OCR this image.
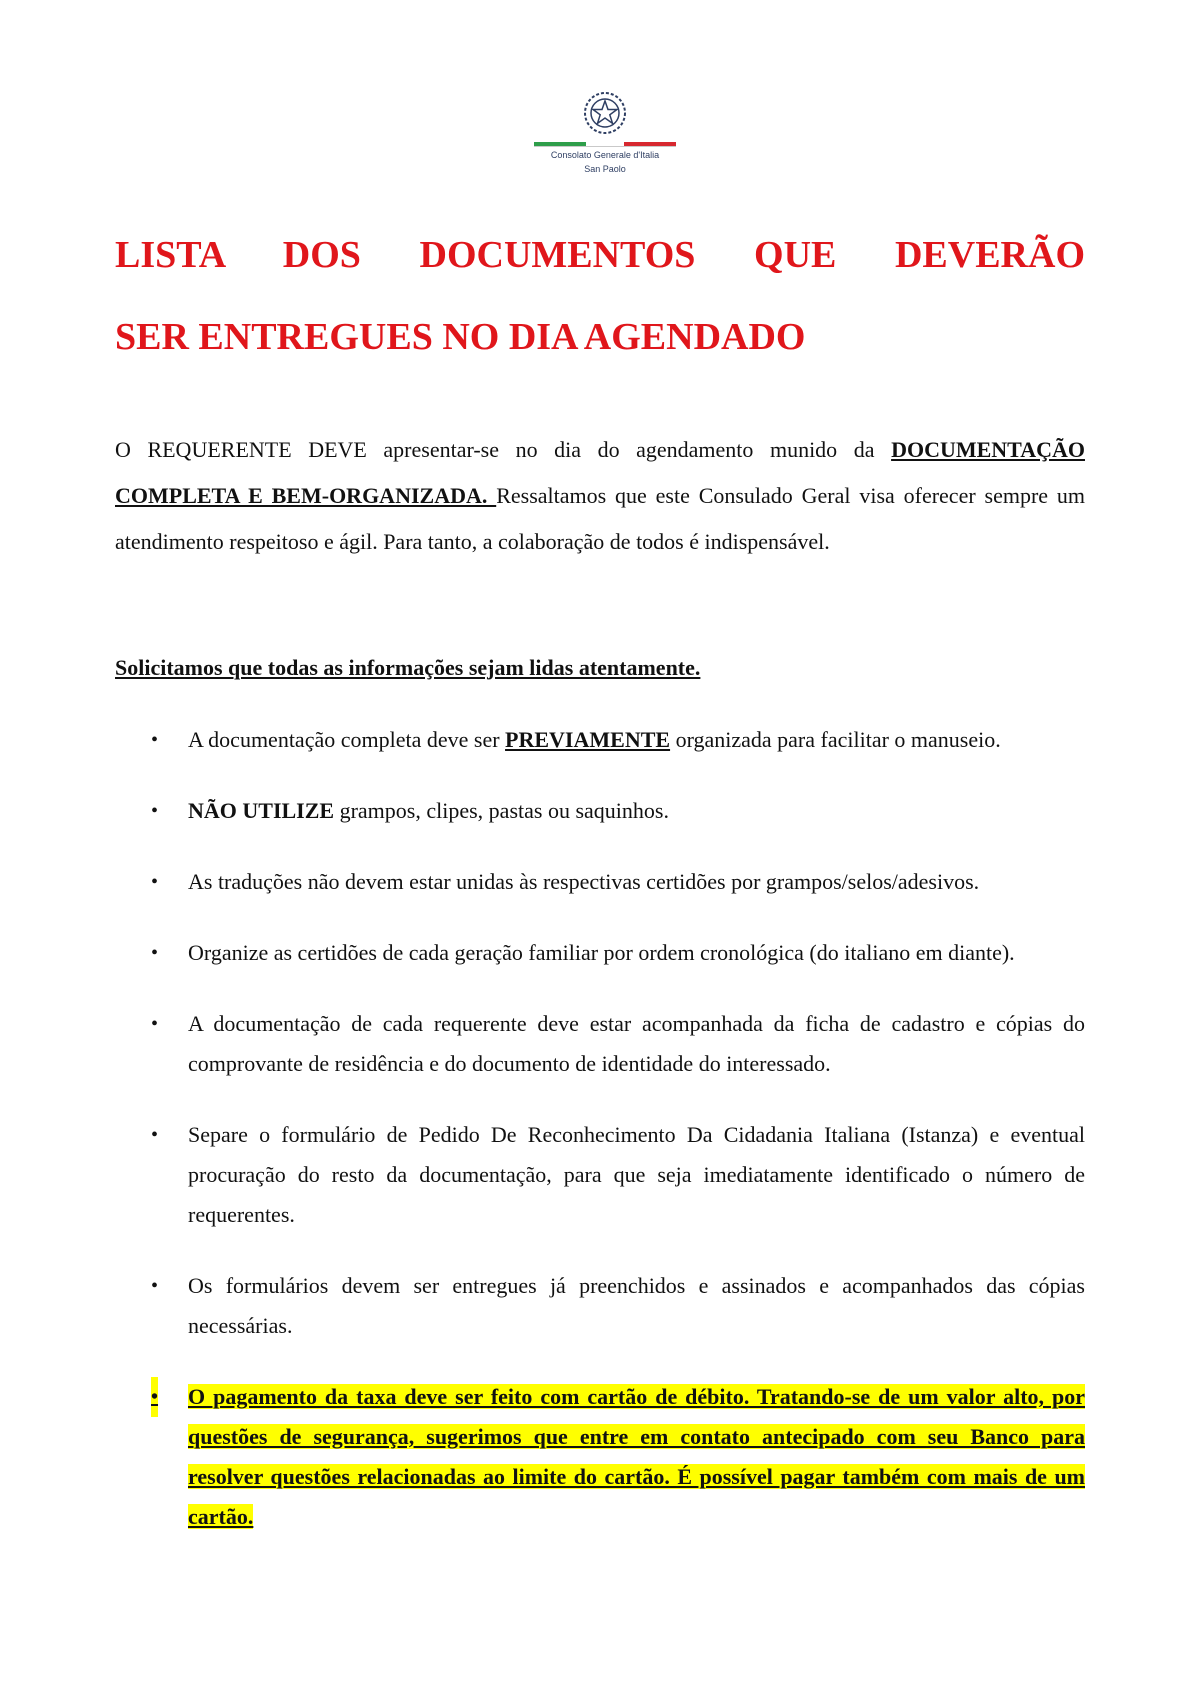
Consolato Generale d'Italia
San Paolo
LISTA DOS DOCUMENTOS QUE DEVERÃO
SER ENTREGUES NO DIA AGENDADO

O REQUERENTE DEVE apresentar-se no dia do agendamento munido da DOCUMENTAÇÃO COMPLETA E BEM-ORGANIZADA. Ressaltamos que este Consulado Geral visa oferecer sempre um atendimento respeitoso e ágil. Para tanto, a colaboração de todos é indispensável.

Solicitamos que todas as informações sejam lidas atentamente.

• A documentação completa deve ser PREVIAMENTE organizada para facilitar o manuseio.
• NÃO UTILIZE grampos, clipes, pastas ou saquinhos.
• As traduções não devem estar unidas às respectivas certidões por grampos/selos/adesivos.
• Organize as certidões de cada geração familiar por ordem cronológica (do italiano em diante).
• A documentação de cada requerente deve estar acompanhada da ficha de cadastro e cópias do comprovante de residência e do documento de identidade do interessado.
• Separe o formulário de Pedido De Reconhecimento Da Cidadania Italiana (Istanza) e eventual procuração do resto da documentação, para que seja imediatamente identificado o número de requerentes.
• Os formulários devem ser entregues já preenchidos e assinados e acompanhados das cópias necessárias.
• O pagamento da taxa deve ser feito com cartão de débito. Tratando-se de um valor alto, por questões de segurança, sugerimos que entre em contato antecipado com seu Banco para resolver questões relacionadas ao limite do cartão. É possível pagar também com mais de um cartão.
